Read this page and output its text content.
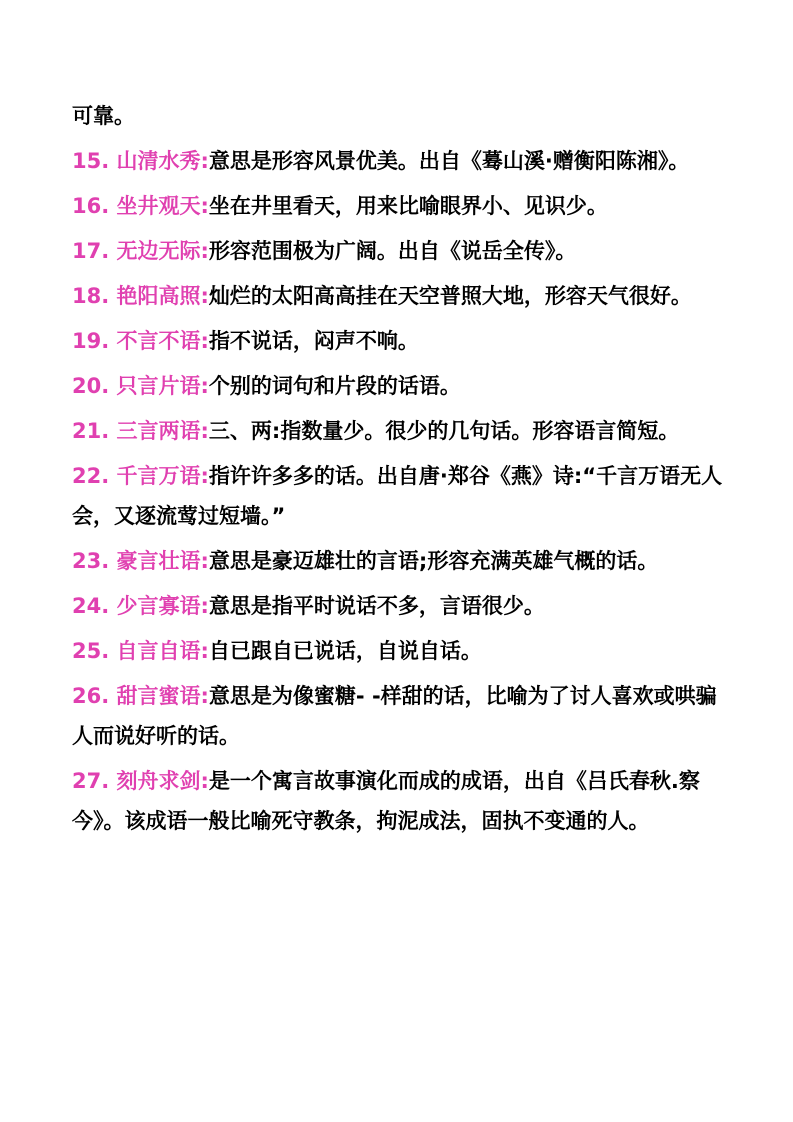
可靠。

15. 山清水秀:意思是形容风景优美。出自《蓦山溪·赠衡阳陈湘》。

16. 坐井观天:坐在井里看天，用来比喻眼界小、见识少。

17. 无边无际:形容范围极为广阔。出自《说岳全传》。

18. 艳阳高照:灿烂的太阳高高挂在天空普照大地，形容天气很好。

19. 不言不语:指不说话，闷声不响。

20. 只言片语:个别的词句和片段的话语。

21. 三言两语:三、两:指数量少。很少的几句话。形容语言简短。

22. 千言万语:指许许多多的话。出自唐·郑谷《燕》诗:“千言万语无人会，又逐流莺过短墙。”

23. 豪言壮语:意思是豪迈雄壮的言语;形容充满英雄气概的话。

24. 少言寡语:意思是指平时说话不多，言语很少。

25. 自言自语:自已跟自已说话，自说自话。

26. 甜言蜜语:意思是为像蜜糖- -样甜的话，比喻为了讨人喜欢或哄骗人而说好听的话。

27. 刻舟求剑:是一个寓言故事演化而成的成语，出自《吕氏春秋.察今》。该成语一般比喻死守教条，拘泥成法，固执不变通的人。
